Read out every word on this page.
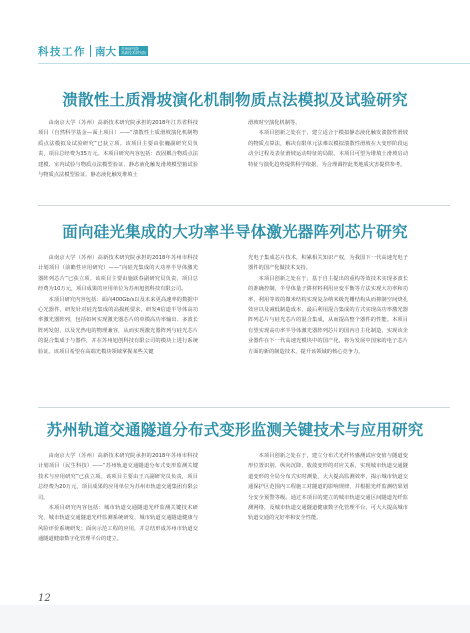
科技工作 南大 苏州研究院
高新技术研究院
溃散性土质滑坡演化机制物质点法模拟及试验研究

由南京大学（苏州）高新技术研究院承担的2018年江苏省科技项目（自然科学基金—面上项目）——“溃散性土质滑坡演化机制物质点法模拟及试验研究”已获立项。该项目主要由张巍副研究员负责，项目总经费为35万元。本项目研究内容包括：改固耦合物质点法建模、室内试验与物质点法模型验证、静态液化触发滑坡模型箱试验与物质点法模型验证、静态液化触发堆填土

滑坡时空演化机制等。

本项目创新之处在于，建立适合于模拟静态液化触发溃散性滑坡的物质点算法，解决有限单元法难以模拟溃散性滑坡在大变形阶段运动全过程及表征滑坡运动特征的局限。本项目可望为堆填土滑坡启动特征与演化趋势提供科学依据，为合理调控此类地质灾害提供参考。

面向硅光集成的大功率半导体激光器阵列芯片研究

由南京大学（苏州）高新技术研究院承担的2018年苏州市科技计划项目（前瞻性应用研究）——“向硅光集成的大功率半导体激光器阵列芯片”已获立项。该项目主要由施跃春副研究员负责，项目总经费为10万元，项目成果的应用单位为苏州旭创科技有限公司。

本项目研究内容包括：面向400Gb/s以及未来更高速率的数据中心光器件，研发针对硅光集成的高损耗要求，研发4信道半导体高功率激光器阵列，包括如何实现激光器芯片的单模高功率输出、多波长阵列发射，以及光热电的物理兼容，从而实现激光器阵列与硅光芯片的混合集成于与器件，并在苏州旭创科技有限公司的模块上进行系统验证。该项目希望在高端光模块领域掌握某些关键

光电子集成芯片技术，积累相关知识产权，为我国下一代高速光电子器件的国产化做技术支持。

本项目创新之处在于，基于自主提出的重构等效技术实现多波长的准确控制，半导体量子阱材料利用应变平衡等方法实现大功率和功率，利用等效的微米结构实现复杂纳米级光栅结构从而抑制空间烧孔效应以及减低制造成本，最后利用混合集成的方式实现高功率激光器阵列芯片与硅光芯片的混合集成，从而提高整个器件的性能。本项目有望实现高功率半导体激光器阵列芯片的国内自主化制造，实现该企业器件在下一代高速光模块中的国产化，将为发展中国家的电子芯片方面的新的制造技术，提升该领域的核心竞争力。

苏州轨道交通隧道分布式变形监测关键技术与应用研究

由南京大学（苏州）高新技术研究院承担的2018年苏州市科技计划项目（民生科技）——“苏州轨道交通隧道分布式变形监测关键技术与应用研究”已获立项。该项目主要由王兴副研究员负责，项目总经费为20万元，项目成果的应用单位为苏州市轨道交通集团有限公司。

本项目研究内容包括：城市轨道交通隧道光纤监测关键技术研究、城市轨道交通隧道光纤监测系统研发、城市轨道交通隧道健康与风险评价系统研发；面向示范工程的应用，并总结形成苏州市轨道交通隧道健康数字化管理平台的建立。

本项目创新之处在于，建立分布式光纤传感测试应变值与隧道变形位置识别、纵向沉降、收敛变形的对应关系，实现城市轨道交通隧道变形的全局分布式实时测量，大大提高监测效率，揭示城市轨道交通保护区范围内工程施工对隧道的影响规律，并根据光纤监测结果划分安全预警等级。通过本项目的建立的城市轨道交通区间隧道光纤监测网络，及城市轨道交通隧道健康数字化管理平台，可大大提高城市轨道交通的完好率和安全性能。

12
